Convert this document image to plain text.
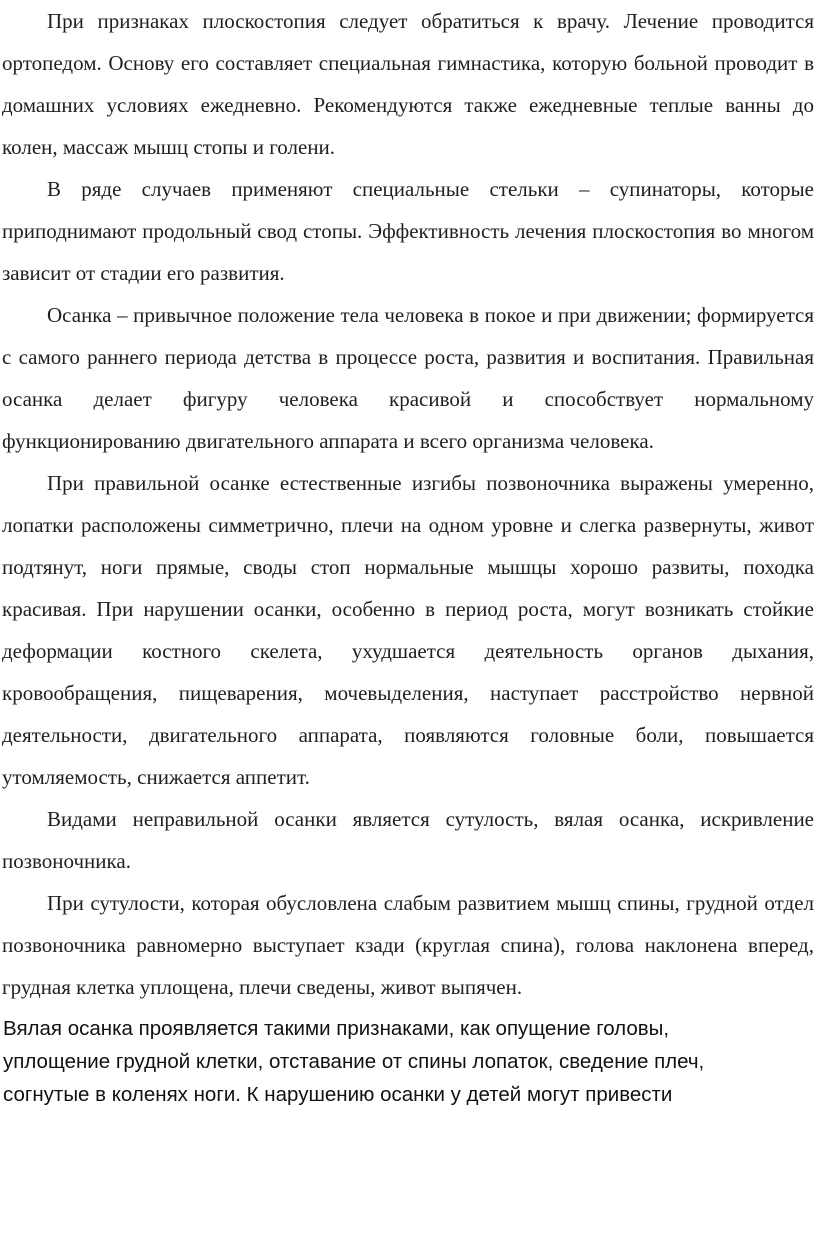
При признаках плоскостопия следует обратиться к врачу. Лечение проводится ортопедом. Основу его составляет специальная гимнастика, которую больной проводит в домашних условиях ежедневно. Рекомендуются также ежедневные теплые ванны до колен, массаж мышц стопы и голени.

В ряде случаев применяют специальные стельки – супинаторы, которые приподнимают продольный свод стопы. Эффективность лечения плоскостопия во многом зависит от стадии его развития.

Осанка – привычное положение тела человека в покое и при движении; формируется с самого раннего периода детства в процессе роста, развития и воспитания. Правильная осанка делает фигуру человека красивой и способствует нормальному функционированию двигательного аппарата и всего организма человека.

При правильной осанке естественные изгибы позвоночника выражены умеренно, лопатки расположены симметрично, плечи на одном уровне и слегка развернуты, живот подтянут, ноги прямые, своды стоп нормальные мышцы хорошо развиты, походка красивая. При нарушении осанки, особенно в период роста, могут возникать стойкие деформации костного скелета, ухудшается деятельность органов дыхания, кровообращения, пищеварения, мочевыделения, наступает расстройство нервной деятельности, двигательного аппарата, появляются головные боли, повышается утомляемость, снижается аппетит.

Видами неправильной осанки является сутулость, вялая осанка, искривление позвоночника.

При сутулости, которая обусловлена слабым развитием мышц спины, грудной отдел позвоночника равномерно выступает кзади (круглая спина), голова наклонена вперед, грудная клетка уплощена, плечи сведены, живот выпячен.

Вялая осанка проявляется такими признаками, как опущение головы, уплощение грудной клетки, отставание от спины лопаток, сведение плеч, согнутые в коленях ноги. К нарушению осанки у детей могут привести
